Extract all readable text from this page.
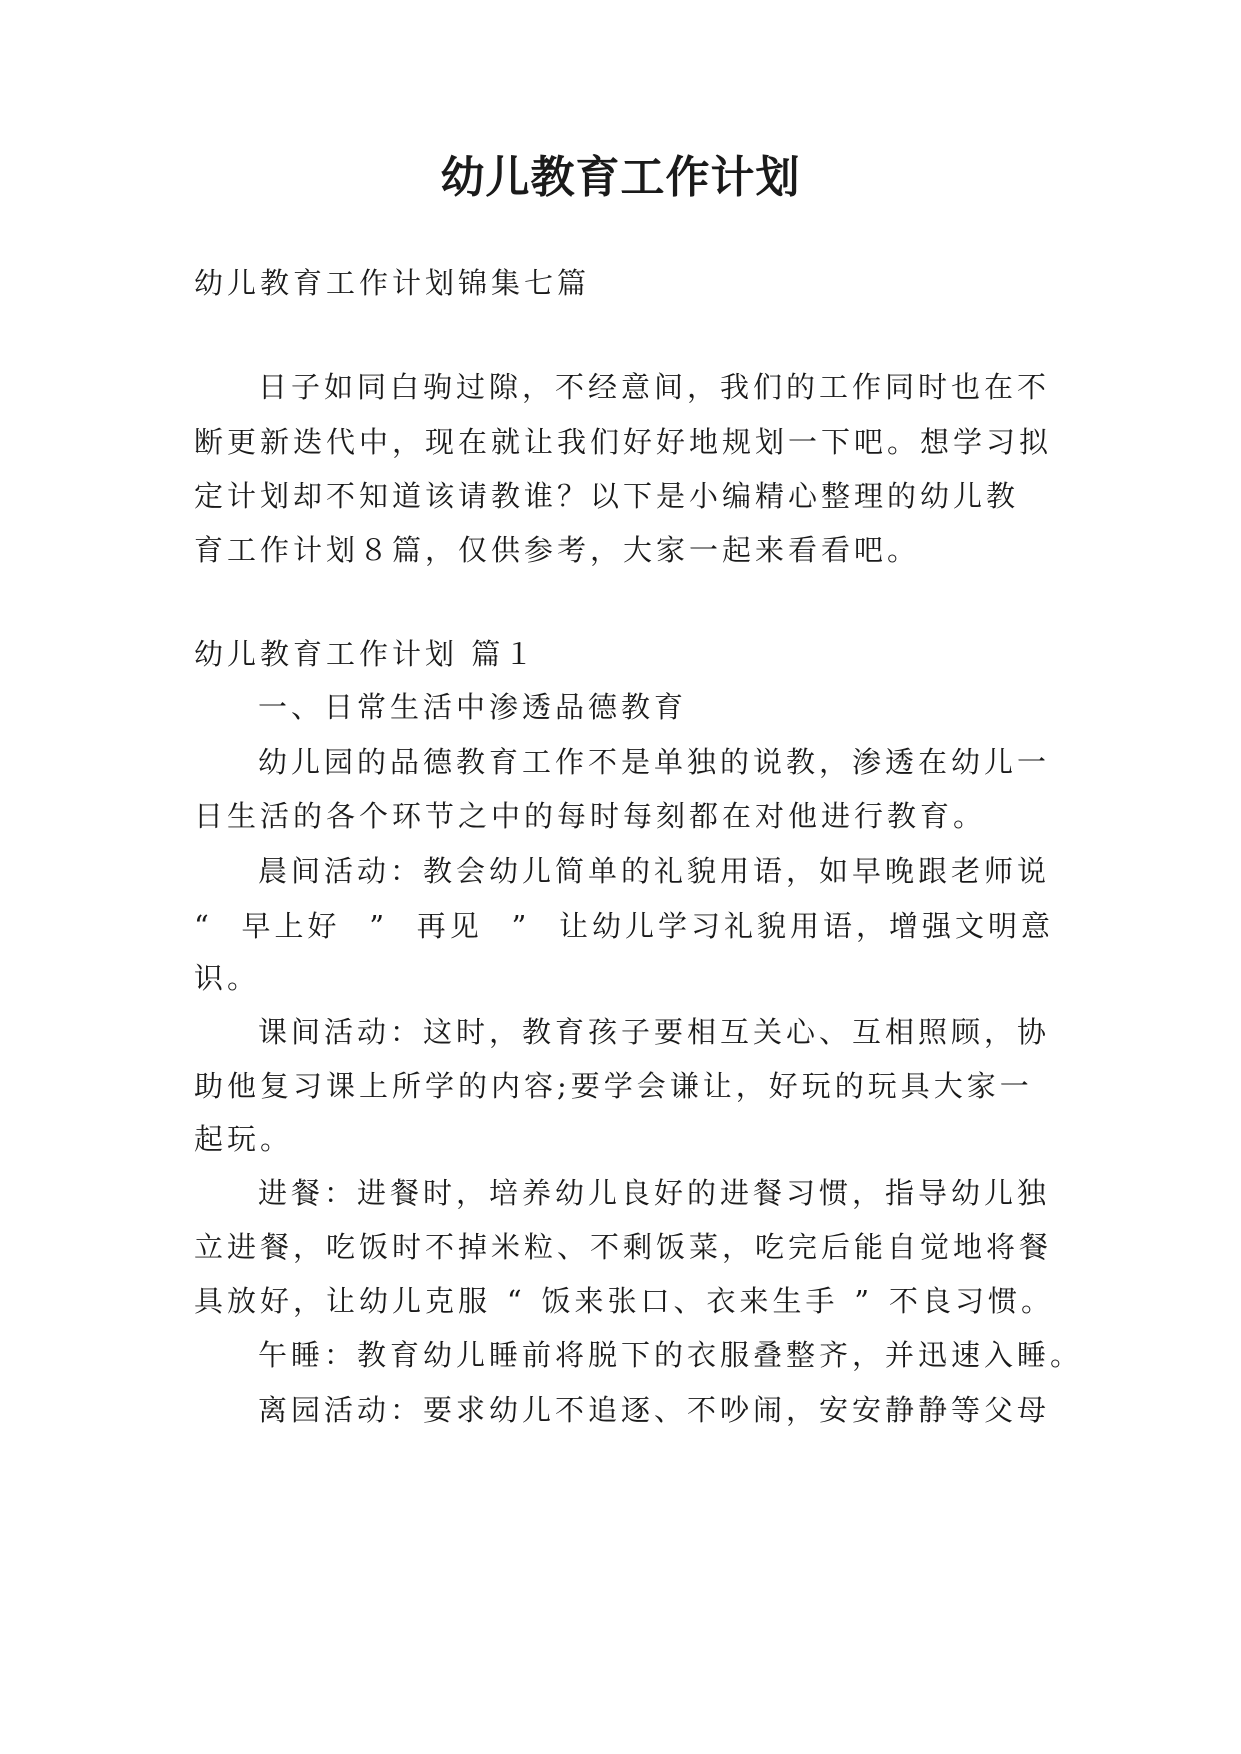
幼儿教育工作计划
幼儿教育工作计划锦集七篇
日子如同白驹过隙，不经意间，我们的工作同时也在不
断更新迭代中，现在就让我们好好地规划一下吧。想学习拟
定计划却不知道该请教谁？以下是小编精心整理的幼儿教
育工作计划８篇，仅供参考，大家一起来看看吧。
幼儿教育工作计划 篇１
一、日常生活中渗透品德教育
幼儿园的品德教育工作不是单独的说教，渗透在幼儿一
日生活的各个环节之中的每时每刻都在对他进行教育。
晨间活动：教会幼儿简单的礼貌用语，如早晚跟老师说
“ 早上好 ” 再见 ” 让幼儿学习礼貌用语，增强文明意
识。
课间活动：这时，教育孩子要相互关心、互相照顾，协
助他复习课上所学的内容;要学会谦让，好玩的玩具大家一
起玩。
进餐：进餐时，培养幼儿良好的进餐习惯，指导幼儿独
立进餐，吃饭时不掉米粒、不剩饭菜，吃完后能自觉地将餐
具放好，让幼儿克服 “ 饭来张口、衣来生手 ” 不良习惯。
午睡：教育幼儿睡前将脱下的衣服叠整齐，并迅速入睡。
离园活动：要求幼儿不追逐、不吵闹，安安静静等父母
